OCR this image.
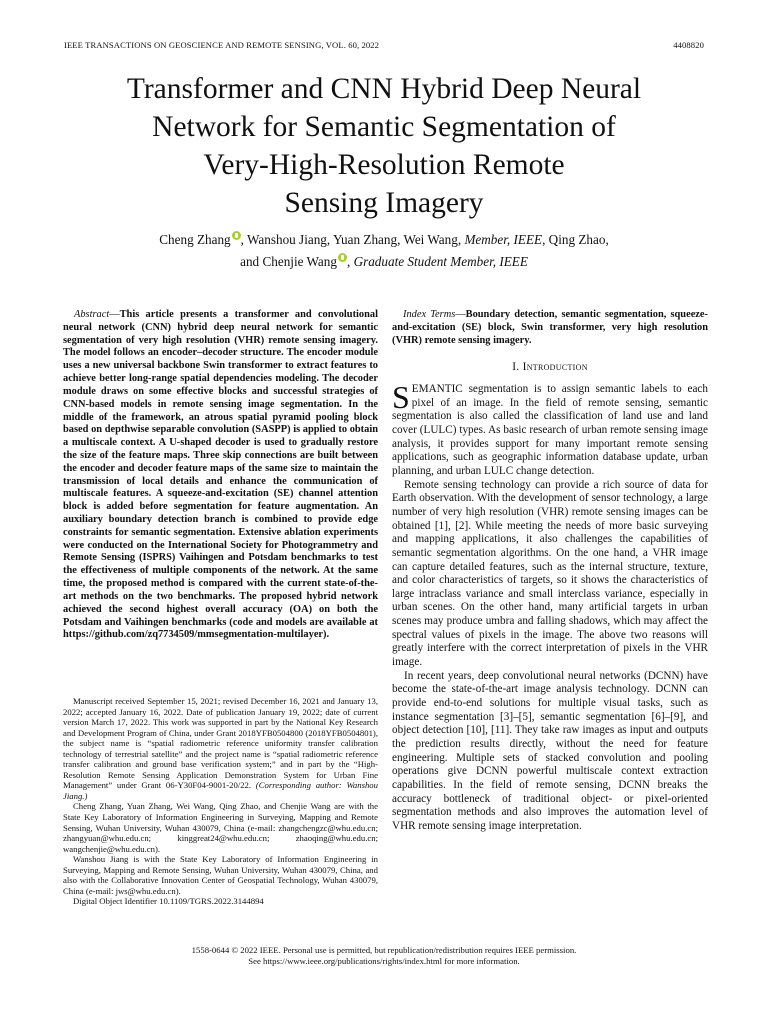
IEEE TRANSACTIONS ON GEOSCIENCE AND REMOTE SENSING, VOL. 60, 2022	4408820
Transformer and CNN Hybrid Deep Neural
Network for Semantic Segmentation of
Very-High-Resolution Remote
Sensing Imagery
Cheng Zhang , Wanshou Jiang, Yuan Zhang, Wei Wang, Member, IEEE, Qing Zhao,
and Chenjie Wang , Graduate Student Member, IEEE

Abstract—This article presents a transformer and convolutional neural network (CNN) hybrid deep neural network for semantic segmentation of very high resolution (VHR) remote sensing imagery. The model follows an encoder–decoder structure. The encoder module uses a new universal backbone Swin transformer to extract features to achieve better long-range spatial dependencies modeling. The decoder module draws on some effective blocks and successful strategies of CNN-based models in remote sensing image segmentation. In the middle of the framework, an atrous spatial pyramid pooling block based on depthwise separable convolution (SASPP) is applied to obtain a multiscale context. A U-shaped decoder is used to gradually restore the size of the feature maps. Three skip connections are built between the encoder and decoder feature maps of the same size to maintain the transmission of local details and enhance the communication of multiscale features. A squeeze-and-excitation (SE) channel attention block is added before segmentation for feature augmentation. An auxiliary boundary detection branch is combined to provide edge constraints for semantic segmentation. Extensive ablation experiments were conducted on the International Society for Photogrammetry and Remote Sensing (ISPRS) Vaihingen and Potsdam benchmarks to test the effectiveness of multiple components of the network. At the same time, the proposed method is compared with the current state-of-the-art methods on the two benchmarks. The proposed hybrid network achieved the second highest overall accuracy (OA) on both the Potsdam and Vaihingen benchmarks (code and models are available at https://github.com/zq7734509/mmsegmentation-multilayer).

Manuscript received September 15, 2021; revised December 16, 2021 and January 13, 2022; accepted January 16, 2022. Date of publication January 19, 2022; date of current version March 17, 2022. This work was supported in part by the National Key Research and Development Program of China, under Grant 2018YFB0504800 (2018YFB0504801), the subject name is “spatial radiometric reference uniformity transfer calibration technology of terrestrial satellite” and the project name is “spatial radiometric reference transfer calibration and ground base verification system;” and in part by the “High-Resolution Remote Sensing Application Demonstration System for Urban Fine Management” under Grant 06-Y30F04-9001-20/22. (Corresponding author: Wanshou Jiang.)

Cheng Zhang, Yuan Zhang, Wei Wang, Qing Zhao, and Chenjie Wang are with the State Key Laboratory of Information Engineering in Surveying, Mapping and Remote Sensing, Wuhan University, Wuhan 430079, China (e-mail: zhangchengzc@whu.edu.cn; zhangyuan@whu.edu.cn; kinggreat24@whu.edu.cn; zhaoqing@whu.edu.cn; wangchenjie@whu.edu.cn).

Wanshou Jiang is with the State Key Laboratory of Information Engineering in Surveying, Mapping and Remote Sensing, Wuhan University, Wuhan 430079, China, and also with the Collaborative Innovation Center of Geospatial Technology, Wuhan 430079, China (e-mail: jws@whu.edu.cn).

Digital Object Identifier 10.1109/TGRS.2022.3144894

Index Terms—Boundary detection, semantic segmentation, squeeze-and-excitation (SE) block, Swin transformer, very high resolution (VHR) remote sensing imagery.

I. Introduction

SEMANTIC segmentation is to assign semantic labels to each pixel of an image. In the field of remote sensing, semantic segmentation is also called the classification of land use and land cover (LULC) types. As basic research of urban remote sensing image analysis, it provides support for many important remote sensing applications, such as geographic information database update, urban planning, and urban LULC change detection.

Remote sensing technology can provide a rich source of data for Earth observation. With the development of sensor technology, a large number of very high resolution (VHR) remote sensing images can be obtained [1], [2]. While meeting the needs of more basic surveying and mapping applications, it also challenges the capabilities of semantic segmentation algorithms. On the one hand, a VHR image can capture detailed features, such as the internal structure, texture, and color characteristics of targets, so it shows the characteristics of large intraclass variance and small interclass variance, especially in urban scenes. On the other hand, many artificial targets in urban scenes may produce umbra and falling shadows, which may affect the spectral values of pixels in the image. The above two reasons will greatly interfere with the correct interpretation of pixels in the VHR image.

In recent years, deep convolutional neural networks (DCNN) have become the state-of-the-art image analysis technology. DCNN can provide end-to-end solutions for multiple visual tasks, such as instance segmentation [3]–[5], semantic segmentation [6]–[9], and object detection [10], [11]. They take raw images as input and outputs the prediction results directly, without the need for feature engineering. Multiple sets of stacked convolution and pooling operations give DCNN powerful multiscale context extraction capabilities. In the field of remote sensing, DCNN breaks the accuracy bottleneck of traditional object- or pixel-oriented segmentation methods and also improves the automation level of VHR remote sensing image interpretation.

1558-0644 © 2022 IEEE. Personal use is permitted, but republication/redistribution requires IEEE permission.
See https://www.ieee.org/publications/rights/index.html for more information.
